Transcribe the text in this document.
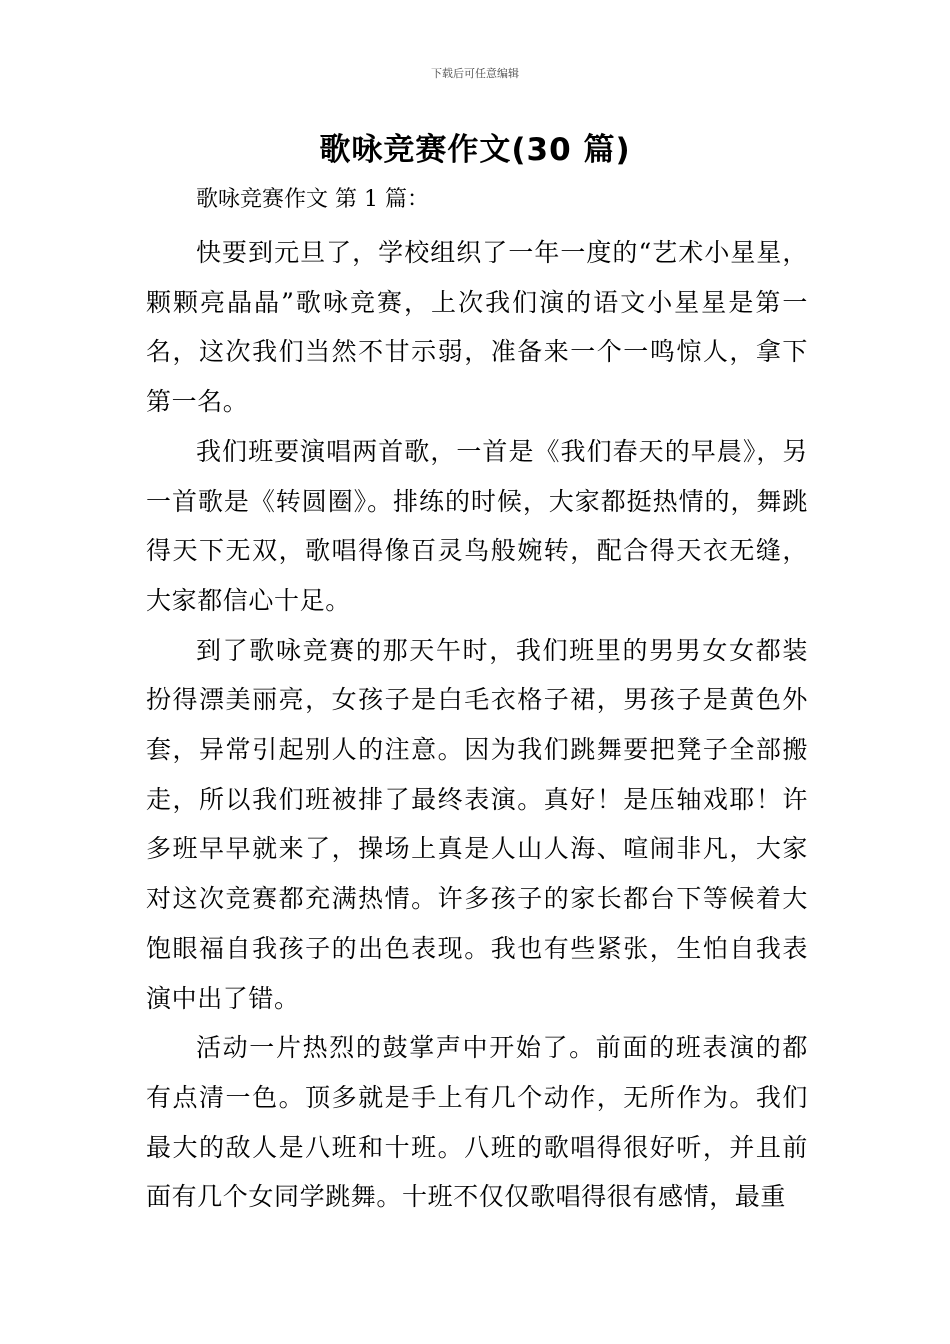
下载后可任意编辑
歌咏竞赛作文(30 篇)
歌咏竞赛作文 第 1 篇：

快要到元旦了，学校组织了一年一度的“艺术小星星，颗颗亮晶晶”歌咏竞赛，上次我们演的语文小星星是第一名，这次我们当然不甘示弱，准备来一个一鸣惊人，拿下第一名。

我们班要演唱两首歌，一首是《我们春天的早晨》，另一首歌是《转圆圈》。排练的时候，大家都挺热情的，舞跳得天下无双，歌唱得像百灵鸟般婉转，配合得天衣无缝，大家都信心十足。

到了歌咏竞赛的那天午时，我们班里的男男女女都装扮得漂美丽亮，女孩子是白毛衣格子裙，男孩子是黄色外套，异常引起别人的注意。因为我们跳舞要把凳子全部搬走，所以我们班被排了最终表演。真好！是压轴戏耶！许多班早早就来了，操场上真是人山人海、喧闹非凡，大家对这次竞赛都充满热情。许多孩子的家长都台下等候着大饱眼福自我孩子的出色表现。我也有些紧张，生怕自我表演中出了错。

活动一片热烈的鼓掌声中开始了。前面的班表演的都有点清一色。顶多就是手上有几个动作，无所作为。我们最大的敌人是八班和十班。八班的歌唱得很好听，并且前面有几个女同学跳舞。十班不仅仅歌唱得很有感情，最重
